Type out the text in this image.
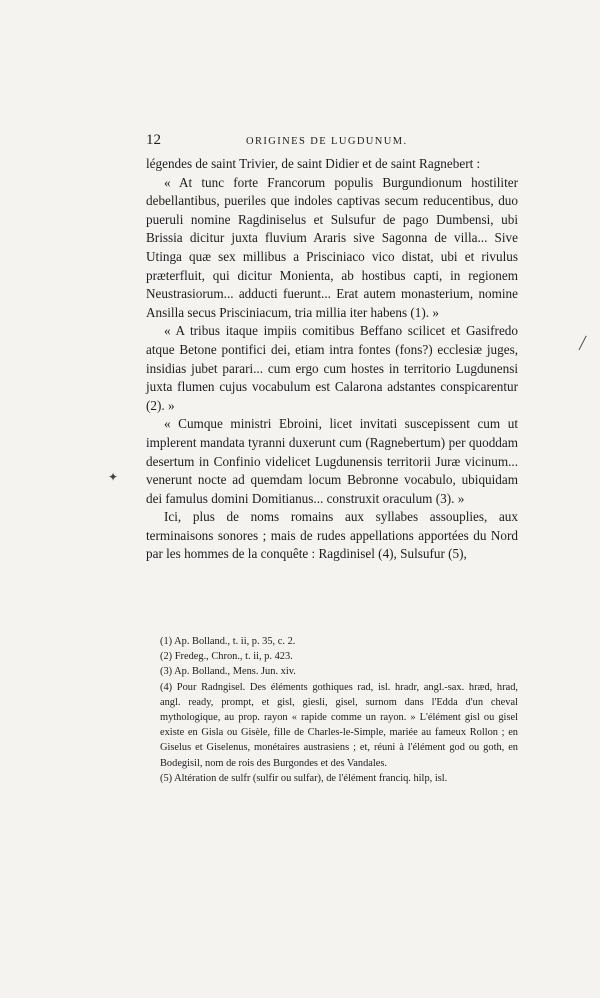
12	ORIGINES DE LUGDUNUM.

légendes de saint Trivier, de saint Didier et de saint Ragnebert :

« At tunc forte Francorum populis Burgundionum hostiliter debellantibus, pueriles que indoles captivas secum reducentibus, duo pueruli nomine Ragdiniselus et Sulsufur de pago Dumbensi, ubi Brissia dicitur juxta fluvium Araris sive Sagonna de villa... Sive Utinga quæ sex millibus a Prisciniaco vico distat, ubi et rivulus præterfluit, qui dicitur Monienta, ab hostibus capti, in regionem Neustrasiorum... adducti fuerunt... Erat autem monasterium, nomine Ansilla secus Prisciniacum, tria millia iter habens (1). »

« A tribus itaque impiis comitibus Beffano scilicet et Gasifredo atque Betone pontifici dei, etiam intra fontes (fons?) ecclesiæ juges, insidias jubet parari... cum ergo cum hostes in territorio Lugdunensi juxta flumen cujus vocabulum est Calarona adstantes conspicarentur (2). »

« Cumque ministri Ebroini, licet invitati suscepissent cum ut implerent mandata tyranni duxerunt cum (Ragnebertum) per quoddam desertum in Confinio videlicet Lugdunensis territorii Juræ vicinum... venerunt nocte ad quemdam locum Bebronne vocabulo, ubiquidam dei famulus domini Domitianus... construxit oraculum (3). »

Ici, plus de noms romains aux syllabes assouplies, aux terminaisons sonores ; mais de rudes appellations apportées du Nord par les hommes de la conquête : Ragdinisel (4), Sulsufur (5),

(1) Ap. Bolland., t. ii, p. 35, c. 2.

(2) Fredeg., Chron., t. ii, p. 423.

(3) Ap. Bolland., Mens. Jun. xiv.

(4) Pour Radngisel. Des éléments gothiques rad, isl. hradr, angl.-sax. hræd, hrad, angl. ready, prompt, et gisl, giesli, gisel, surnom dans l'Edda d'un cheval mythologique, au prop. rayon « rapide comme un rayon. » L'élément gisl ou gisel existe en Gisla ou Gisèle, fille de Charles-le-Simple, mariée au fameux Rollon ; en Giselus et Giselenus, monétaires austrasiens ; et, réuni à l'élément god ou goth, en Bodegisil, nom de rois des Burgondes et des Vandales.

(5) Altération de sulfr (sulfir ou sulfar), de l'élément franciq. hilp, isl.

╱
✦
